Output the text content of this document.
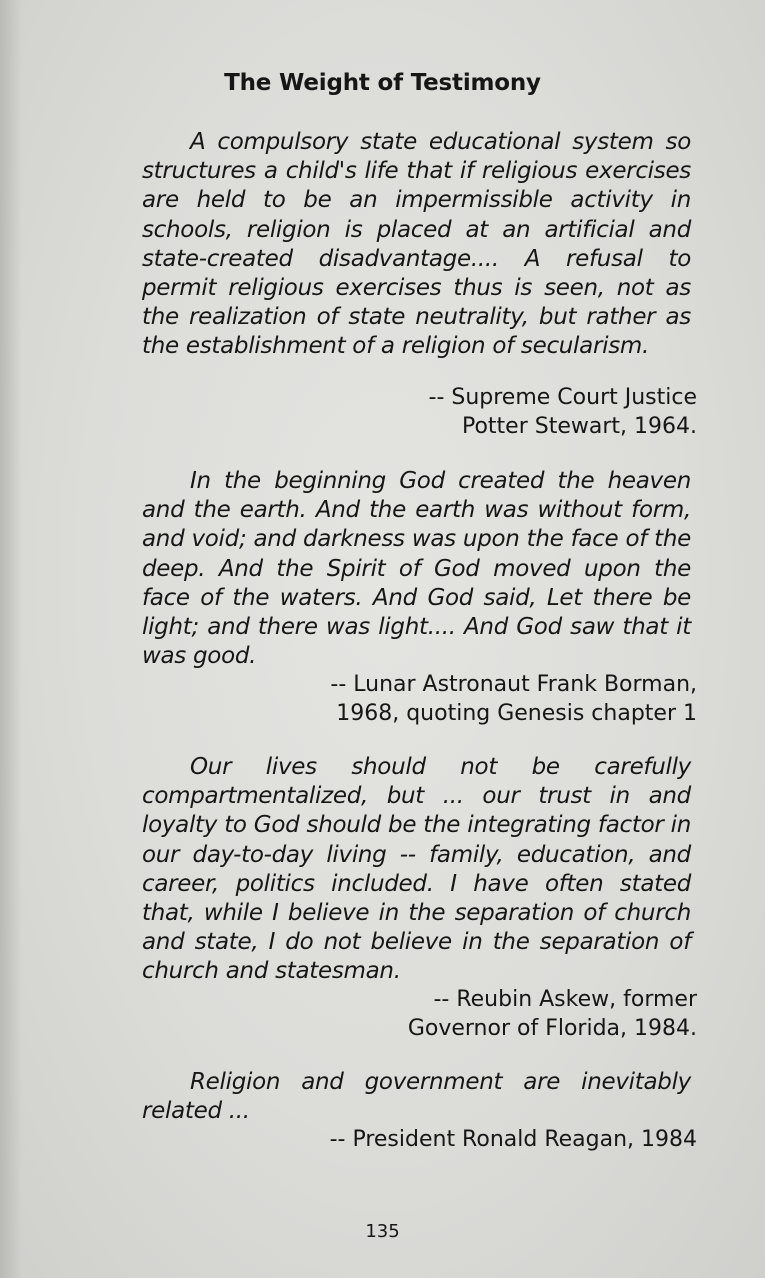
The Weight of Testimony
A compulsory state educational system so structures a child's life that if religious exercises are held to be an impermissible activity in schools, religion is placed at an artificial and state-created disadvantage.... A refusal to permit religious exercises thus is seen, not as the realization of state neutrality, but rather as the establishment of a religion of secularism.
-- Supreme Court Justice
Potter Stewart, 1964.
In the beginning God created the heaven and the earth. And the earth was without form, and void; and darkness was upon the face of the deep. And the Spirit of God moved upon the face of the waters. And God said, Let there be light; and there was light.... And God saw that it was good.
-- Lunar Astronaut Frank Borman,
1968, quoting Genesis chapter 1
Our lives should not be carefully compartmentalized, but ... our trust in and loyalty to God should be the integrating factor in our day-to-day living -- family, education, and career, politics included. I have often stated that, while I believe in the separation of church and state, I do not believe in the separation of church and statesman.
-- Reubin Askew, former
Governor of Florida, 1984.
Religion and government are inevitably related ...
-- President Ronald Reagan, 1984
135
